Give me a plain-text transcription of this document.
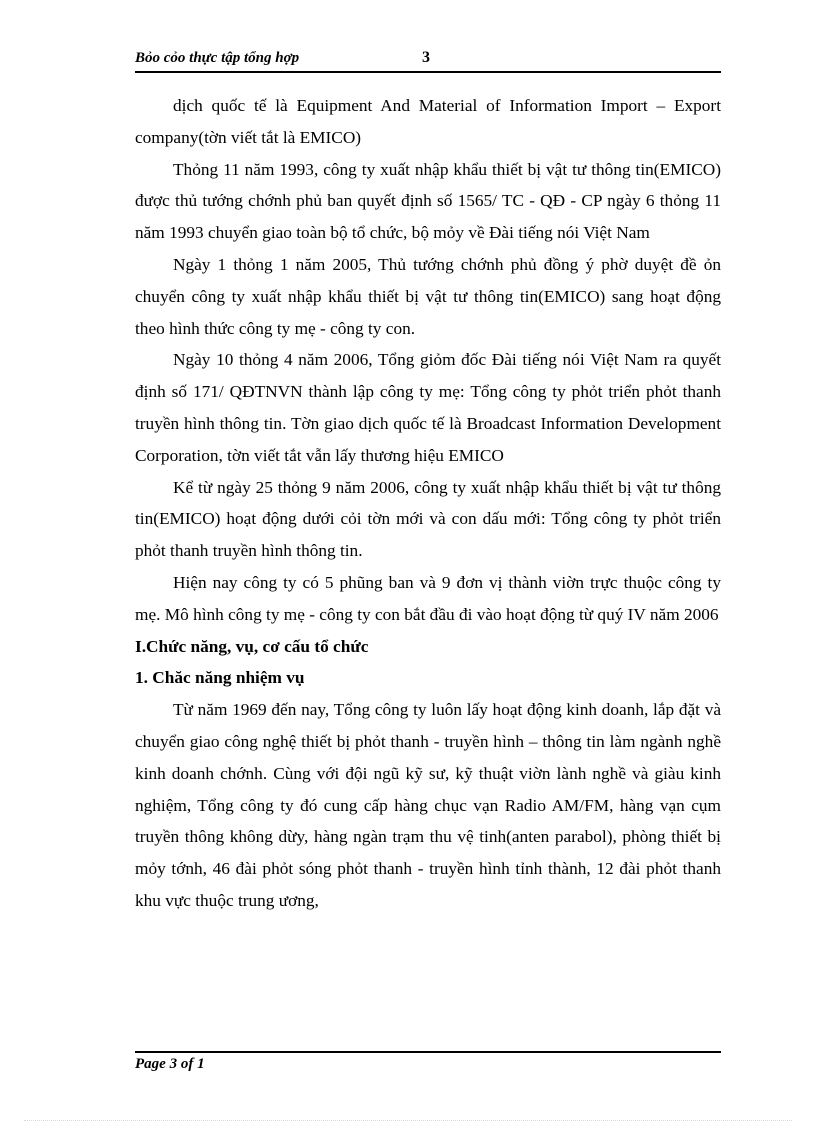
Bỏo cỏo thực tập tổng hợp	3

dịch quốc tế là Equipment And Material of Information Import – Export company(tờn viết tắt là EMICO)

Thỏng 11 năm 1993, công ty xuất nhập khẩu thiết bị vật tư thông tin(EMICO) được thủ tướng chớnh phủ ban quyết định số 1565/ TC - QĐ - CP ngày 6 thỏng 11 năm 1993 chuyển giao toàn bộ tổ chức, bộ mỏy về Đài tiếng nói Việt Nam

Ngày 1 thỏng 1 năm 2005, Thủ tướng chớnh phủ đồng ý phờ duyệt đề ỏn chuyển công ty xuất nhập khẩu thiết bị vật tư thông tin(EMICO) sang hoạt động theo hình thức công ty mẹ - công ty con.

Ngày 10 thỏng 4 năm 2006, Tổng giỏm đốc Đài tiếng nói Việt Nam ra quyết định số 171/ QĐTNVN thành lập công ty mẹ: Tổng công ty phỏt triển phỏt thanh truyền hình thông tin. Tờn giao dịch quốc tế là Broadcast Information Development Corporation, tờn viết tắt vẫn lấy thương hiệu EMICO

Kể từ ngày 25 thỏng 9 năm 2006, công ty xuất nhập khẩu thiết bị vật tư thông tin(EMICO) hoạt động dưới cỏi tờn mới và con dấu mới: Tổng công ty phỏt triển phỏt thanh truyền hình thông tin.

Hiện nay công ty có 5 phũng ban và 9 đơn vị thành viờn trực thuộc công ty mẹ. Mô hình công ty mẹ - công ty con bắt đầu đi vào hoạt động từ quý IV năm 2006

I.Chức năng, vụ, cơ cấu tổ chức
1. Chăc năng nhiệm vụ

Từ năm 1969 đến nay, Tổng công ty luôn lấy hoạt động kinh doanh, lắp đặt và chuyển giao công nghệ thiết bị phỏt thanh - truyền hình – thông tin làm ngành nghề kinh doanh chớnh. Cùng với đội ngũ kỹ sư, kỹ thuật viờn lành nghề và giàu kinh nghiệm, Tổng công ty đó cung cấp hàng chục vạn Radio AM/FM, hàng vạn cụm truyền thông không dừy, hàng ngàn trạm thu vệ tinh(anten parabol), phòng thiết bị mỏy tớnh, 46 đài phỏt sóng phỏt thanh - truyền hình tỉnh thành, 12 đài phỏt thanh khu vực thuộc trung ương,

Page 3 of 1
